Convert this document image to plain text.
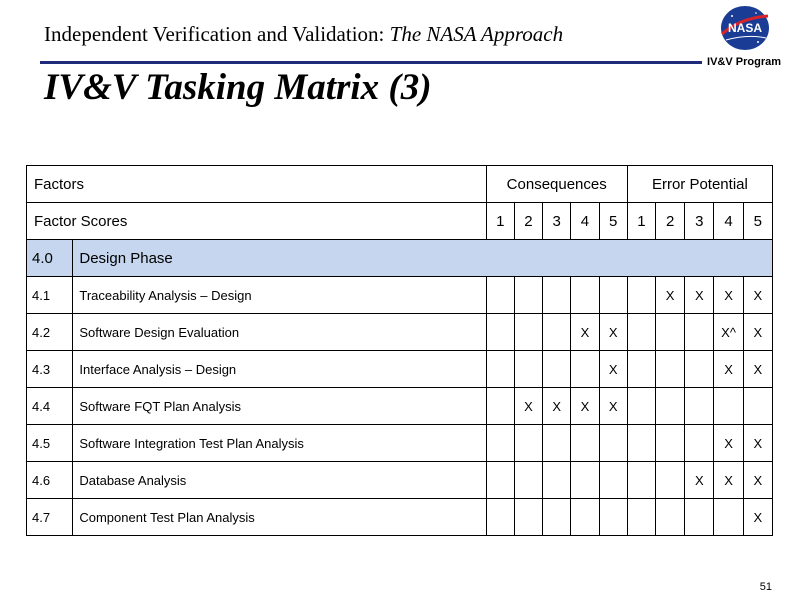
Independent Verification and Validation: The NASA Approach	NASA
IV&V Program
IV&V Tasking Matrix (3)
Factors		Consequences					Error Potential				
Factor Scores		1	2	3	4	5	1	2	3	4	5
4.0	Design Phase										
4.1	Traceability Analysis – Design							X	X	X	X
4.2	Software Design Evaluation				X	X				X^	X
4.3	Interface Analysis – Design					X				X	X
4.4	Software FQT Plan Analysis		X	X	X	X					
4.5	Software Integration Test Plan Analysis									X	X
4.6	Database Analysis								X	X	X
4.7	Component Test Plan Analysis										X
51
